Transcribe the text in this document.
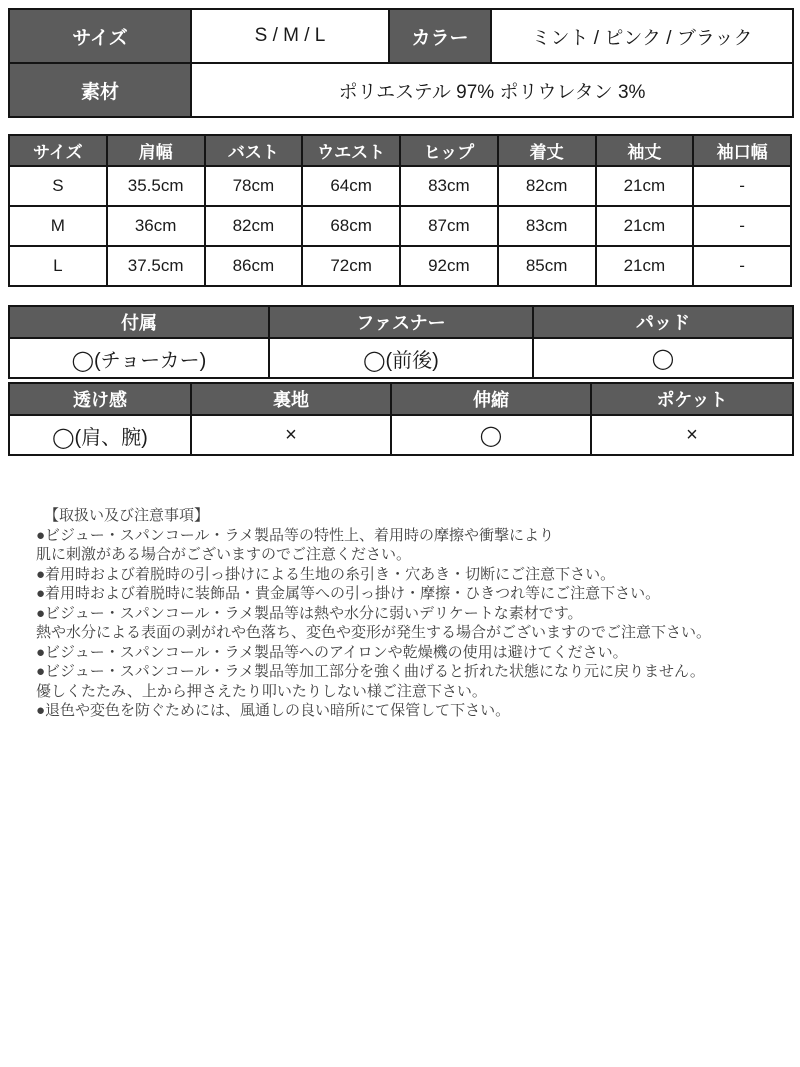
サイズ	S / M / L	カラー	ミント / ピンク / ブラック
素材	ポリエステル 97% ポリウレタン 3%		
サイズ	肩幅	バスト	ウエスト	ヒップ	着丈	袖丈	袖口幅
S	35.5cm	78cm	64cm	83cm	82cm	21cm	-
M	36cm	82cm	68cm	87cm	83cm	21cm	-
L	37.5cm	86cm	72cm	92cm	85cm	21cm	-
付属	ファスナー	パッド
◯(チョーカー)	◯(前後)	◯
透け感	裏地	伸縮	ポケット
◯(肩、腕)	×	◯	×
【取扱い及び注意事項】
●ビジュー・スパンコール・ラメ製品等の特性上、着用時の摩擦や衝撃により
肌に刺激がある場合がございますのでご注意ください。
●着用時および着脱時の引っ掛けによる生地の糸引き・穴あき・切断にご注意下さい。
●着用時および着脱時に装飾品・貴金属等への引っ掛け・摩擦・ひきつれ等にご注意下さい。
●ビジュー・スパンコール・ラメ製品等は熱や水分に弱いデリケートな素材です。
熱や水分による表面の剥がれや色落ち、変色や変形が発生する場合がございますのでご注意下さい。
●ビジュー・スパンコール・ラメ製品等へのアイロンや乾燥機の使用は避けてください。
●ビジュー・スパンコール・ラメ製品等加工部分を強く曲げると折れた状態になり元に戻りません。
優しくたたみ、上から押さえたり叩いたりしない様ご注意下さい。
●退色や変色を防ぐためには、風通しの良い暗所にて保管して下さい。
